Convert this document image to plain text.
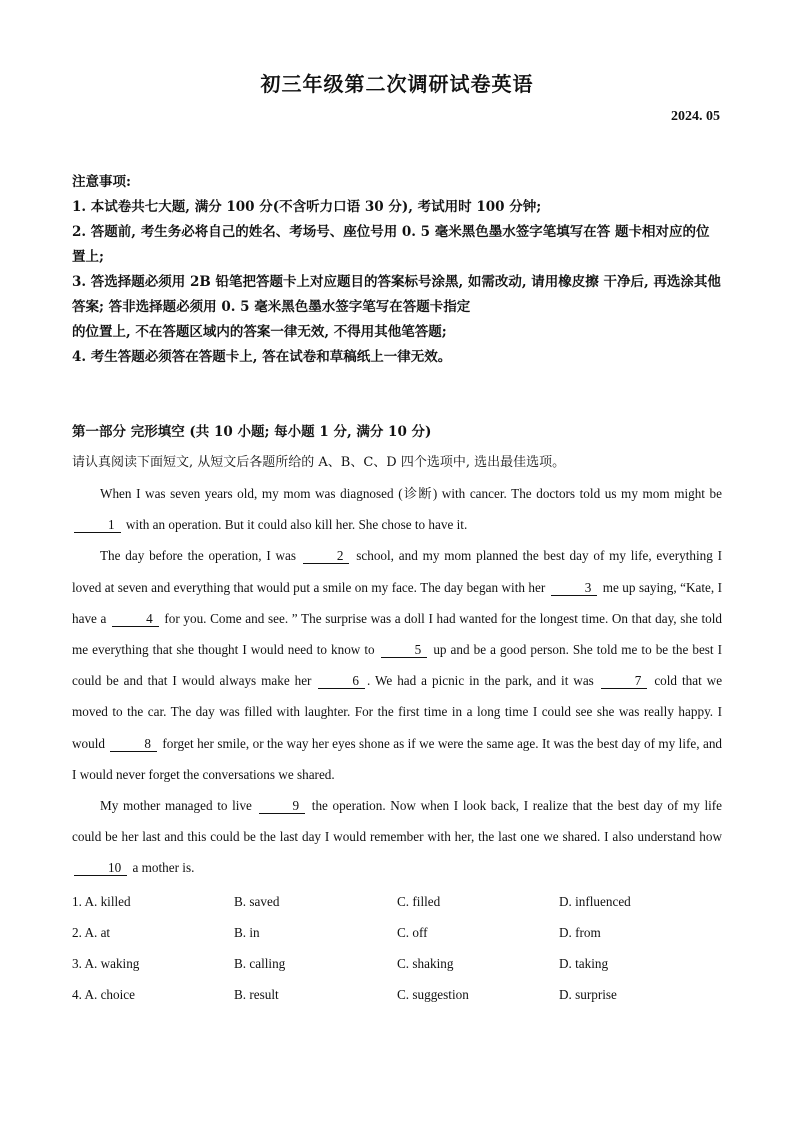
初三年级第二次调研试卷英语
2024. 05
注意事项:
1. 本试卷共七大题, 满分 100 分(不含听力口语 30 分), 考试用时 100 分钟;
2. 答题前, 考生务必将自己的姓名、考场号、座位号用 0. 5 毫米黑色墨水签字笔填写在答 题卡相对应的位置上;
3. 答选择题必须用 2B 铅笔把答题卡上对应题目的答案标号涂黑, 如需改动, 请用橡皮擦 干净后, 再选涂其他答案; 答非选择题必须用 0. 5 毫米黑色墨水签字笔写在答题卡指定
的位置上, 不在答题区域内的答案一律无效, 不得用其他笔答题;
4. 考生答题必须答在答题卡上, 答在试卷和草稿纸上一律无效。
第一部分 完形填空 (共 10 小题; 每小题 1 分, 满分 10 分)
请认真阅读下面短文, 从短文后各题所给的 A、B、C、D 四个选项中, 选出最佳选项。

When I was seven years old, my mom was diagnosed (诊断) with cancer. The doctors told us my mom might be 1 with an operation. But it could also kill her. She chose to have it.

The day before the operation, I was	2 school, and my mom planned the best day of my life, everything I loved at seven and everything that would put a smile on my face. The day began with her	3 me up saying, “Kate, I have a	4 for you. Come and see. ” The surprise was a doll I had wanted for the longest time. On that day, she told me everything that she thought I would need to know to	5 up and be a good person. She told me to be the best I could be and that I would always make her	6 . We had a picnic in the park, and it was	7 cold that we moved to the car. The day was filled with laughter. For the first time in a long time I could see she was really happy. I would	8 forget her smile, or the way her eyes shone as if we were the same age. It was the best day of my life, and I would never forget the conversations we shared.

My mother managed to live	9 the operation. Now when I look back, I realize that the best day of my life could be her last and this could be the last day I would remember with her, the last one we shared. I also understand how 10 a mother is.

1. A. killed	B. saved	C. filled	D. influenced
2. A. at	B. in	C. off	D. from
3. A. waking	B. calling	C. shaking	D. taking
4. A. choice	B. result	C. suggestion	D. surprise
